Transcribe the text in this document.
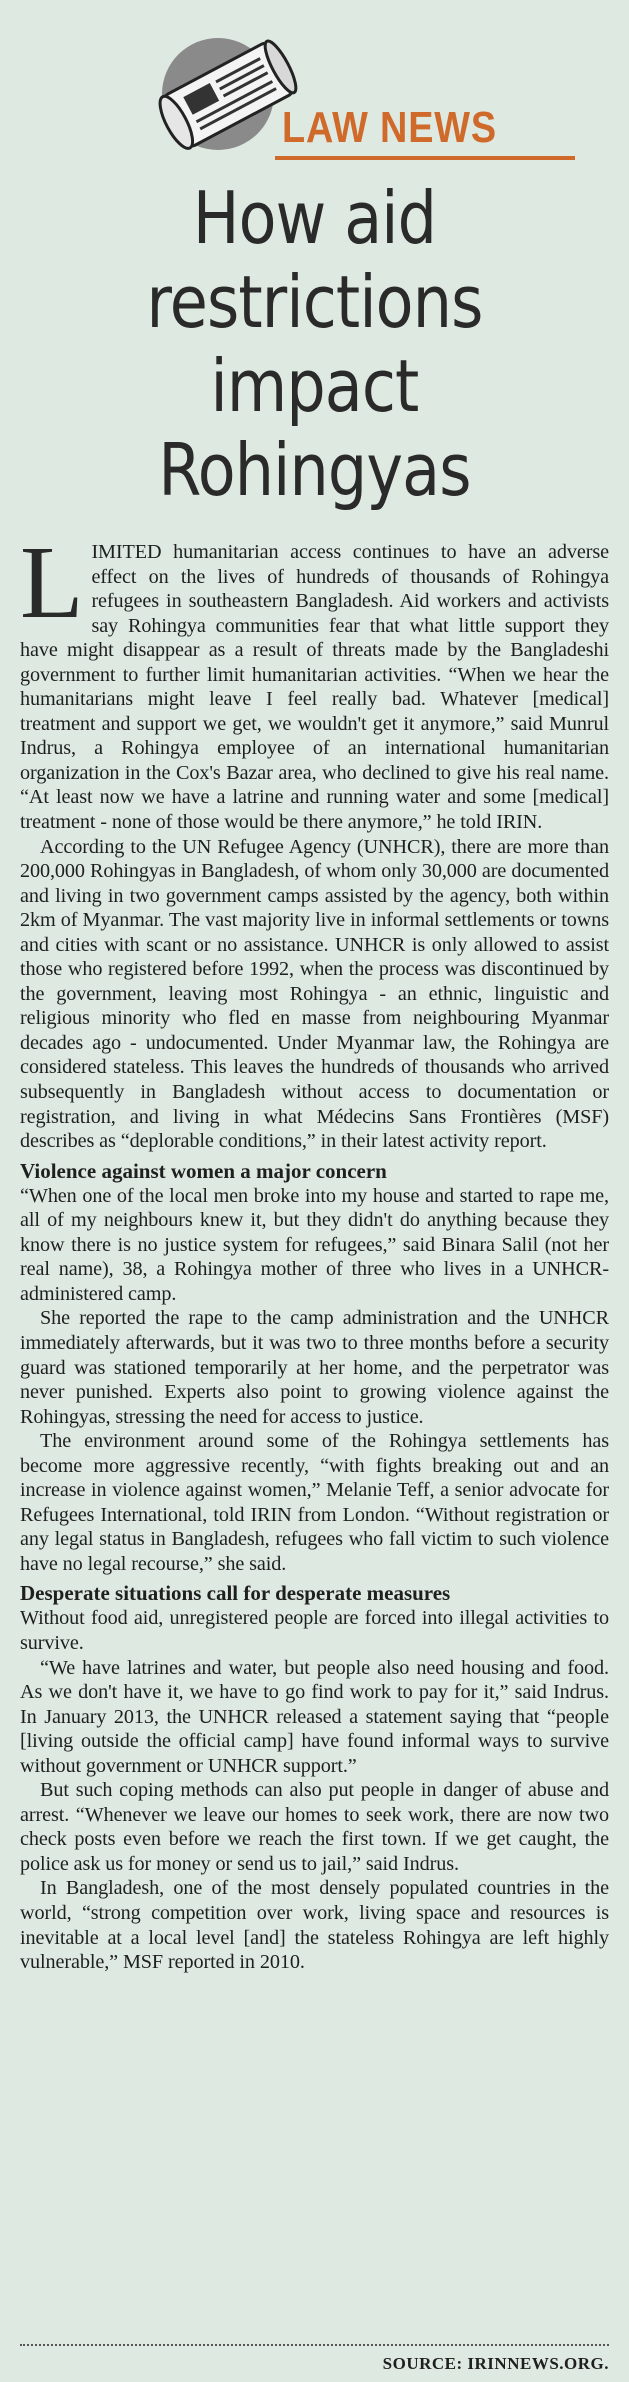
LAW NEWS
How aid restrictions
impact Rohingyas

LIMITED humanitarian access continues to have an adverse effect on the lives of hundreds of thousands of Rohingya refugees in southeastern Bangladesh. Aid workers and activists say Rohingya communities fear that what little support they have might disappear as a result of threats made by the Bangladeshi government to further limit humanitarian activities. “When we hear the humanitarians might leave I feel really bad. Whatever [medical] treatment and support we get, we wouldn't get it anymore,” said Munrul Indrus, a Rohingya employee of an international humanitarian organization in the Cox's Bazar area, who declined to give his real name. “At least now we have a latrine and running water and some [medical] treatment - none of those would be there anymore,” he told IRIN.

According to the UN Refugee Agency (UNHCR), there are more than 200,000 Rohingyas in Bangladesh, of whom only 30,000 are documented and living in two government camps assisted by the agency, both within 2km of Myanmar. The vast majority live in informal settlements or towns and cities with scant or no assistance. UNHCR is only allowed to assist those who registered before 1992, when the process was discontinued by the government, leaving most Rohingya - an ethnic, linguistic and religious minority who fled en masse from neighbouring Myanmar decades ago - undocumented. Under Myanmar law, the Rohingya are considered stateless. This leaves the hundreds of thousands who arrived subsequently in Bangladesh without access to documentation or registration, and living in what Médecins Sans Frontières (MSF) describes as “deplorable conditions,” in their latest activity report.

Violence against women a major concern

“When one of the local men broke into my house and started to rape me, all of my neighbours knew it, but they didn't do anything because they know there is no justice system for refugees,” said Binara Salil (not her real name), 38, a Rohingya mother of three who lives in a UNHCR-administered camp.

She reported the rape to the camp administration and the UNHCR immediately afterwards, but it was two to three months before a security guard was stationed temporarily at her home, and the perpetrator was never punished. Experts also point to growing violence against the Rohingyas, stressing the need for access to justice.

The environment around some of the Rohingya settlements has become more aggressive recently, “with fights breaking out and an increase in violence against women,” Melanie Teff, a senior advocate for Refugees International, told IRIN from London. “Without registration or any legal status in Bangladesh, refugees who fall victim to such violence have no legal recourse,” she said.

Desperate situations call for desperate measures

Without food aid, unregistered people are forced into illegal activities to survive.

“We have latrines and water, but people also need housing and food. As we don't have it, we have to go find work to pay for it,” said Indrus. In January 2013, the UNHCR released a statement saying that “people [living outside the official camp] have found informal ways to survive without government or UNHCR support.”

But such coping methods can also put people in danger of abuse and arrest. “Whenever we leave our homes to seek work, there are now two check posts even before we reach the first town. If we get caught, the police ask us for money or send us to jail,” said Indrus.

In Bangladesh, one of the most densely populated countries in the world, “strong competition over work, living space and resources is inevitable at a local level [and] the stateless Rohingya are left highly vulnerable,” MSF reported in 2010.

SOURCE: IRINNEWS.ORG.
